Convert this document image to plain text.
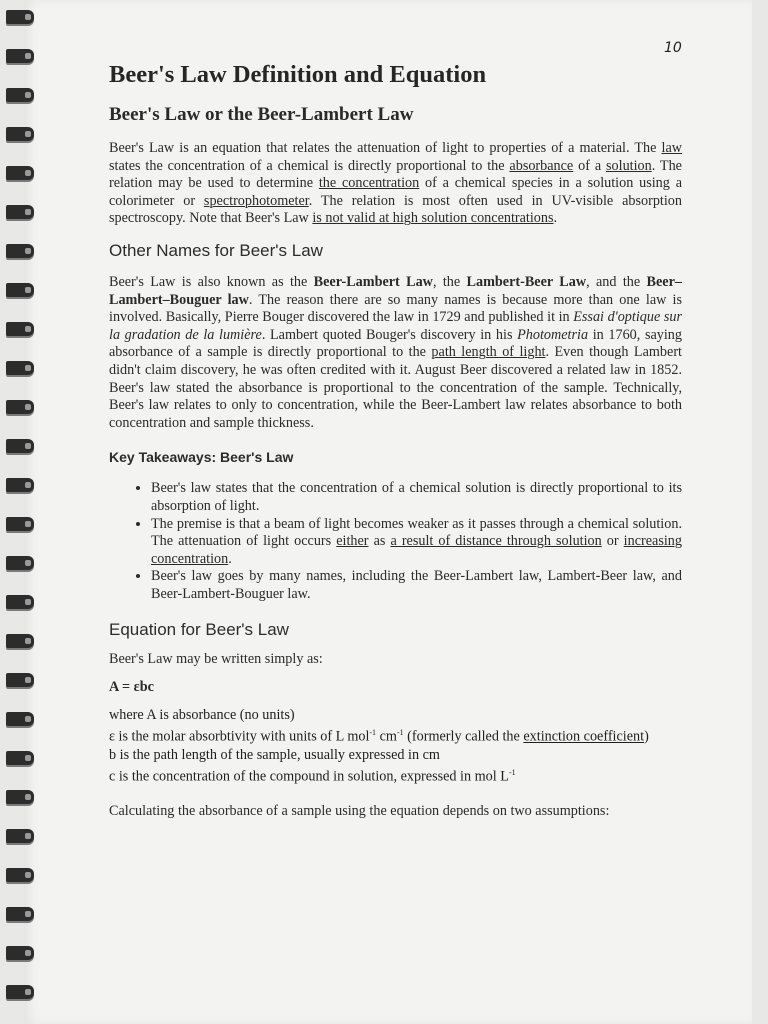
10
Beer's Law Definition and Equation
Beer's Law or the Beer-Lambert Law

Beer's Law is an equation that relates the attenuation of light to properties of a material. The law states the concentration of a chemical is directly proportional to the absorbance of a solution. The relation may be used to determine the concentration of a chemical species in a solution using a colorimeter or spectrophotometer. The relation is most often used in UV-visible absorption spectroscopy. Note that Beer's Law is not valid at high solution concentrations.

Other Names for Beer's Law

Beer's Law is also known as the Beer-Lambert Law, the Lambert-Beer Law, and the Beer–Lambert–Bouguer law. The reason there are so many names is because more than one law is involved. Basically, Pierre Bouger discovered the law in 1729 and published it in Essai d'optique sur la gradation de la lumière. Lambert quoted Bouger's discovery in his Photometria in 1760, saying absorbance of a sample is directly proportional to the path length of light. Even though Lambert didn't claim discovery, he was often credited with it. August Beer discovered a related law in 1852. Beer's law stated the absorbance is proportional to the concentration of the sample. Technically, Beer's law relates to only to concentration, while the Beer-Lambert law relates absorbance to both concentration and sample thickness.

Key Takeaways: Beer's Law
• Beer's law states that the concentration of a chemical solution is directly proportional to its absorption of light.
• The premise is that a beam of light becomes weaker as it passes through a chemical solution. The attenuation of light occurs either as a result of distance through solution or increasing concentration.
• Beer's law goes by many names, including the Beer-Lambert law, Lambert-Beer law, and Beer-Lambert-Bouguer law.
Equation for Beer's Law

Beer's Law may be written simply as:

A = εbc

where A is absorbance (no units)
ε is the molar absorbtivity with units of L mol$^{-1}$ $cm^{-1}$ (formerly called the extinction coefficient)
b is the path length of the sample, usually expressed in cm
c is the concentration of the compound in solution, expressed in mol $L^{-1}$

Calculating the absorbance of a sample using the equation depends on two assumptions:
